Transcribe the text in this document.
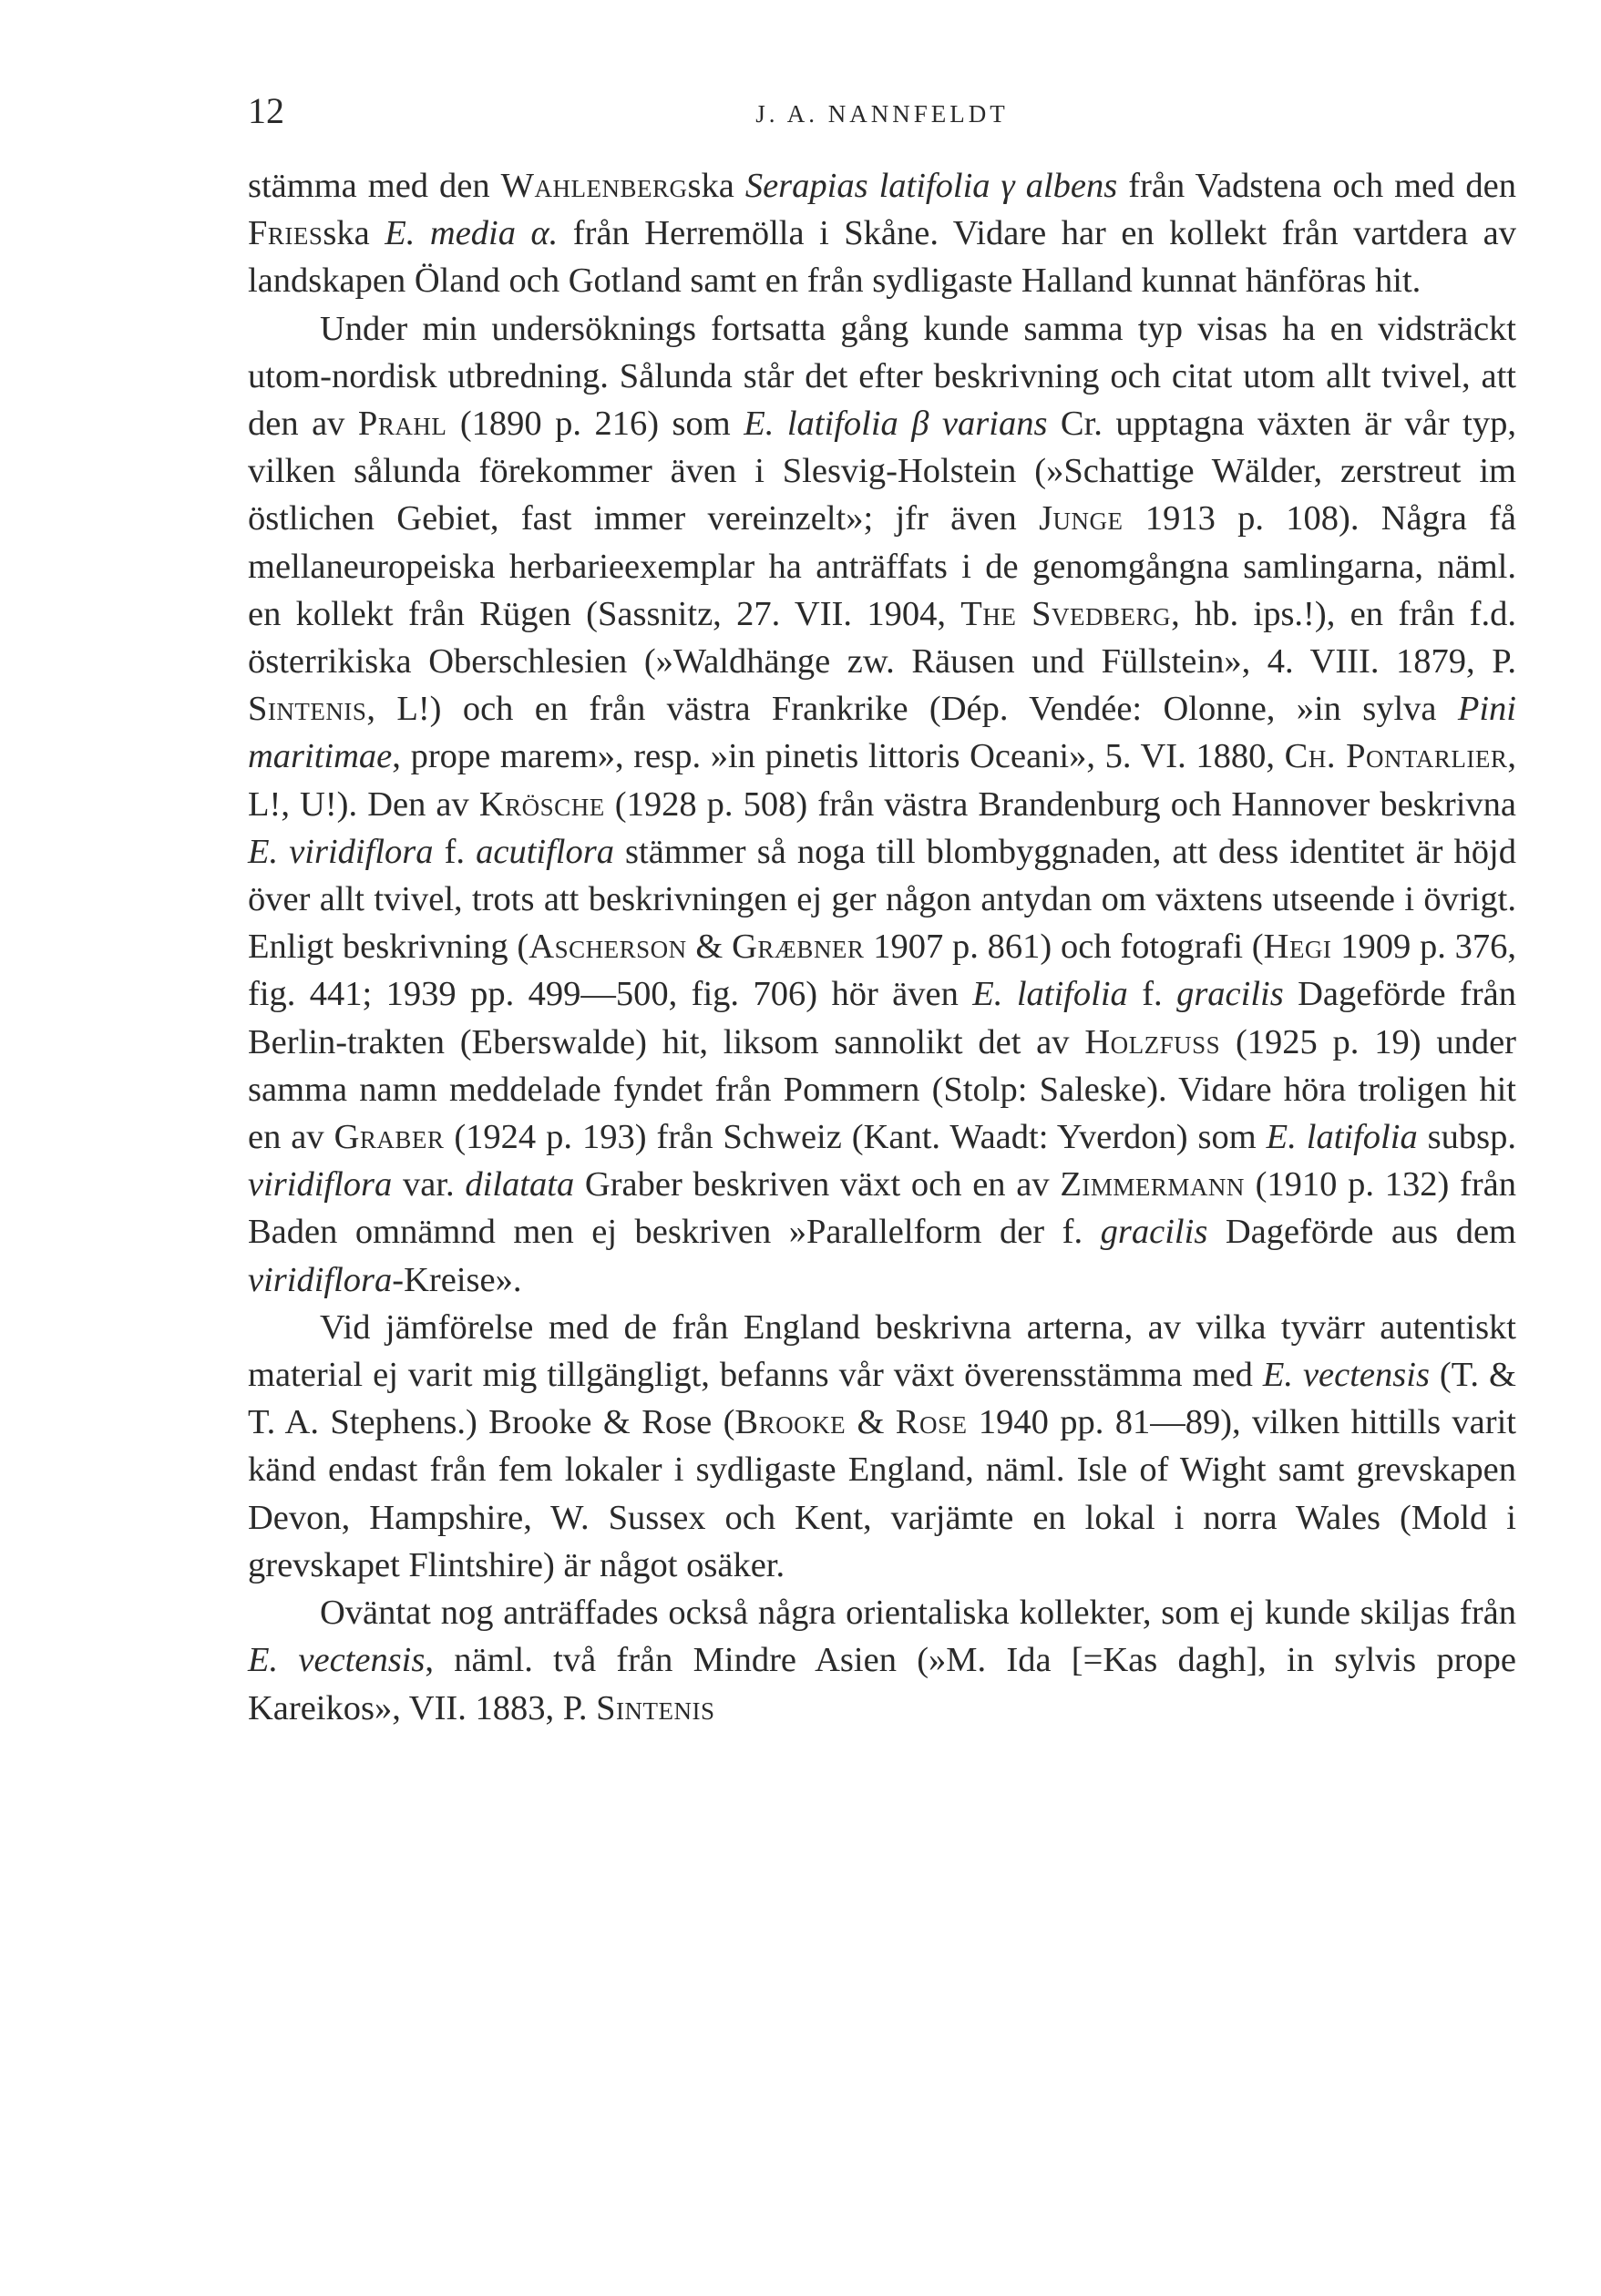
12	J. A. NANNFELDT

stämma med den Wahlenbergska Serapias latifolia γ albens från Vadstena och med den Friesska E. media α. från Herremölla i Skåne. Vidare har en kollekt från vartdera av landskapen Öland och Gotland samt en från sydligaste Halland kunnat hänföras hit.

Under min undersöknings fortsatta gång kunde samma typ visas ha en vidsträckt utom-nordisk utbredning. Sålunda står det efter beskrivning och citat utom allt tvivel, att den av Prahl (1890 p. 216) som E. latifolia β varians Cr. upptagna växten är vår typ, vilken sålunda förekommer även i Slesvig-Holstein (»Schattige Wälder, zerstreut im östlichen Gebiet, fast immer vereinzelt»; jfr även Junge 1913 p. 108). Några få mellaneuropeiska herbarieexemplar ha anträffats i de genomgångna samlingarna, näml. en kollekt från Rügen (Sassnitz, 27. VII. 1904, The Svedberg, hb. ips.!), en från f.d. österrikiska Oberschlesien (»Waldhänge zw. Räusen und Füllstein», 4. VIII. 1879, P. Sintenis, L!) och en från västra Frankrike (Dép. Vendée: Olonne, »in sylva Pini maritimae, prope marem», resp. »in pinetis littoris Oceani», 5. VI. 1880, Ch. Pontarlier, L!, U!). Den av Krösche (1928 p. 508) från västra Brandenburg och Hannover beskrivna E. viridiflora f. acutiflora stämmer så noga till blombyggnaden, att dess identitet är höjd över allt tvivel, trots att beskrivningen ej ger någon antydan om växtens utseende i övrigt. Enligt beskrivning (Ascherson & Græbner 1907 p. 861) och fotografi (Hegi 1909 p. 376, fig. 441; 1939 pp. 499—500, fig. 706) hör även E. latifolia f. gracilis Dageförde från Berlin-trakten (Eberswalde) hit, liksom sannolikt det av Holzfuss (1925 p. 19) under samma namn meddelade fyndet från Pommern (Stolp: Saleske). Vidare höra troligen hit en av Graber (1924 p. 193) från Schweiz (Kant. Waadt: Yverdon) som E. latifolia subsp. viridiflora var. dilatata Graber beskriven växt och en av Zimmermann (1910 p. 132) från Baden omnämnd men ej beskriven »Parallelform der f. gracilis Dageförde aus dem viridiflora-Kreise».

Vid jämförelse med de från England beskrivna arterna, av vilka tyvärr autentiskt material ej varit mig tillgängligt, befanns vår växt överensstämma med E. vectensis (T. & T. A. Stephens.) Brooke & Rose (Brooke & Rose 1940 pp. 81—89), vilken hittills varit känd endast från fem lokaler i sydligaste England, näml. Isle of Wight samt grevskapen Devon, Hampshire, W. Sussex och Kent, varjämte en lokal i norra Wales (Mold i grevskapet Flintshire) är något osäker.

Oväntat nog anträffades också några orientaliska kollekter, som ej kunde skiljas från E. vectensis, näml. två från Mindre Asien (»M. Ida [=Kas dagh], in sylvis prope Kareikos», VII. 1883, P. Sintenis
